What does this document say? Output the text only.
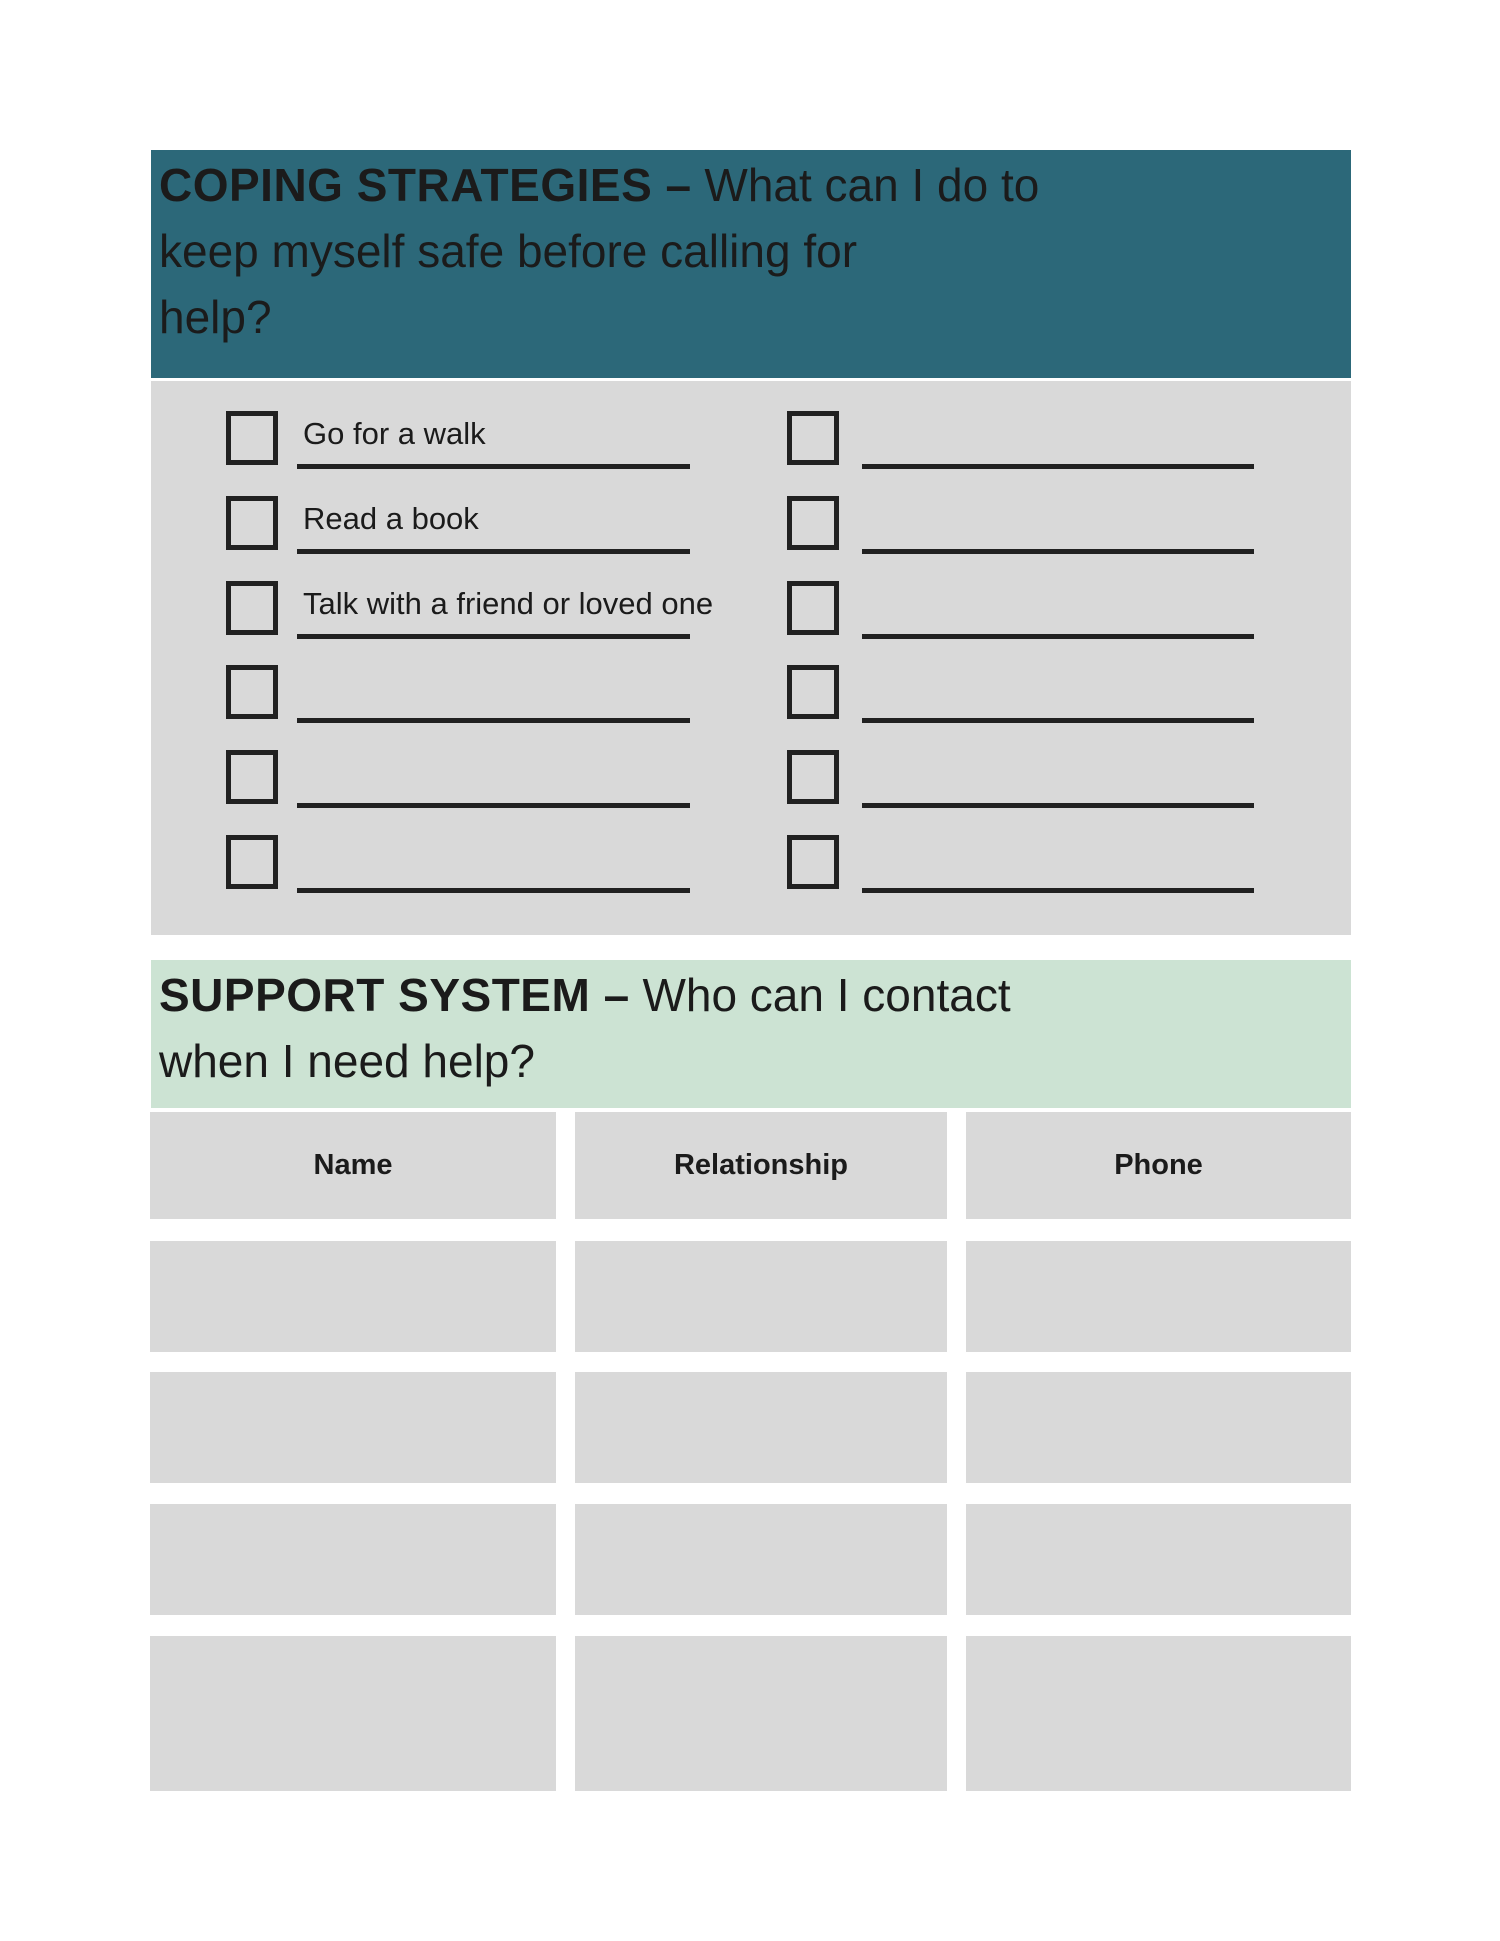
COPING STRATEGIES – What can I do to
keep myself safe before calling for
help?
Go for a walk
Read a book
Talk with a friend or loved one
SUPPORT SYSTEM – Who can I contact
when I need help?
Name	Relationship	Phone
